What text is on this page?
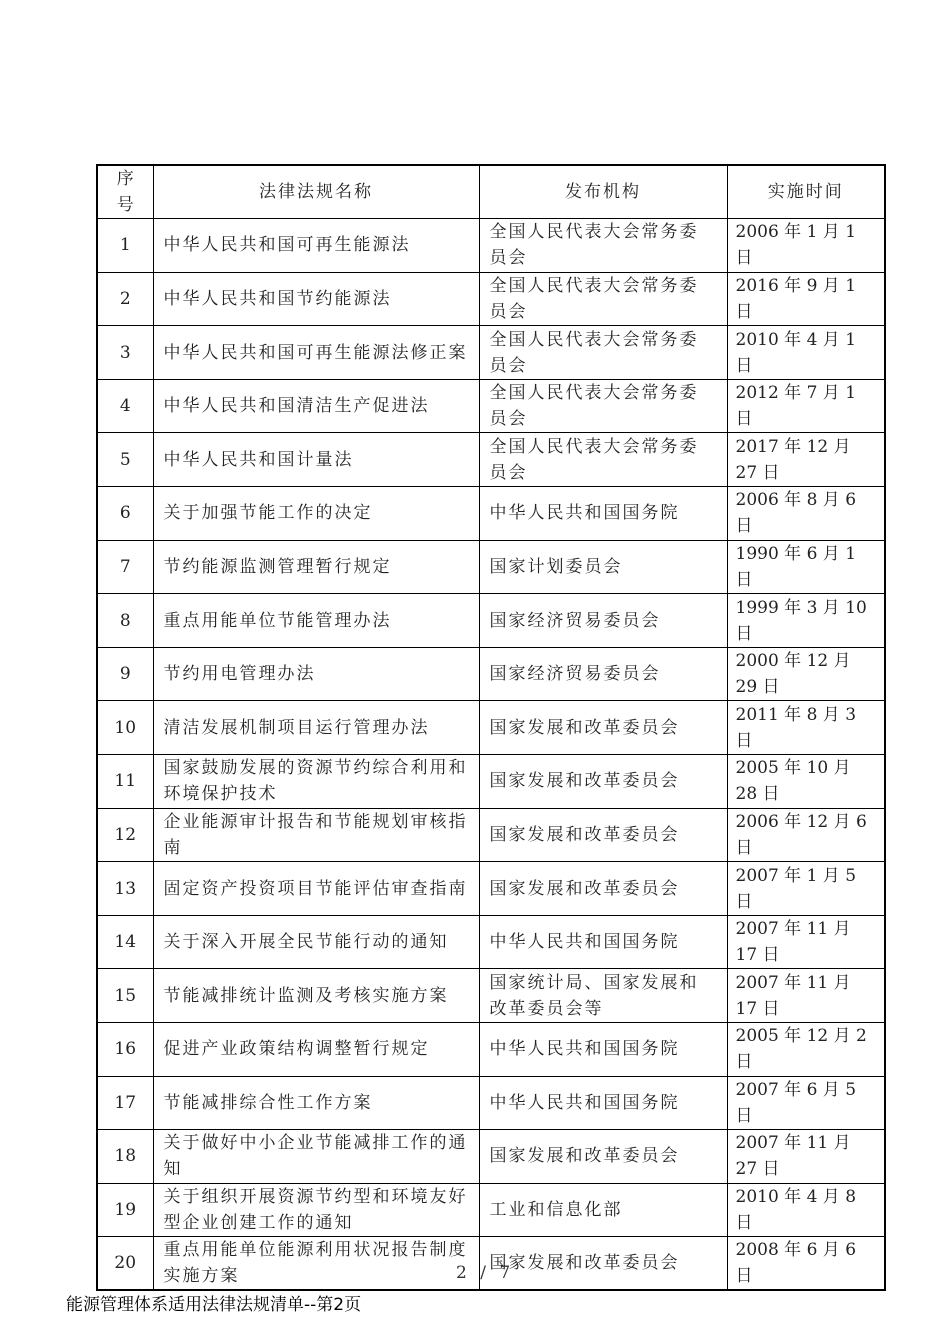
序号	法律法规名称	发布机构	实施时间
1	中华人民共和国可再生能源法	全国人民代表大会常务委员会	2006 年 1 月 1 日
2	中华人民共和国节约能源法	全国人民代表大会常务委员会	2016 年 9 月 1 日
3	中华人民共和国可再生能源法修正案	全国人民代表大会常务委员会	2010 年 4 月 1 日
4	中华人民共和国清洁生产促进法	全国人民代表大会常务委员会	2012 年 7 月 1 日
5	中华人民共和国计量法	全国人民代表大会常务委员会	2017 年 12 月 27 日
6	关于加强节能工作的决定	中华人民共和国国务院	2006 年 8 月 6 日
7	节约能源监测管理暂行规定	国家计划委员会	1990 年 6 月 1 日
8	重点用能单位节能管理办法	国家经济贸易委员会	1999 年 3 月 10 日
9	节约用电管理办法	国家经济贸易委员会	2000 年 12 月 29 日
10	清洁发展机制项目运行管理办法	国家发展和改革委员会	2011 年 8 月 3 日
11	国家鼓励发展的资源节约综合利用和环境保护技术	国家发展和改革委员会	2005 年 10 月 28 日
12	企业能源审计报告和节能规划审核指南	国家发展和改革委员会	2006 年 12 月 6 日
13	固定资产投资项目节能评估审查指南	国家发展和改革委员会	2007 年 1 月 5 日
14	关于深入开展全民节能行动的通知	中华人民共和国国务院	2007 年 11 月 17 日
15	节能减排统计监测及考核实施方案	国家统计局、国家发展和改革委员会等	2007 年 11 月 17 日
16	促进产业政策结构调整暂行规定	中华人民共和国国务院	2005 年 12 月 2 日
17	节能减排综合性工作方案	中华人民共和国国务院	2007 年 6 月 5 日
18	关于做好中小企业节能减排工作的通知	国家发展和改革委员会	2007 年 11 月 27 日
19	关于组织开展资源节约型和环境友好型企业创建工作的通知	工业和信息化部	2010 年 4 月 8 日
20	重点用能单位能源利用状况报告制度实施方案	国家发展和改革委员会	2008 年 6 月 6 日
2 / 7
能源管理体系适用法律法规清单--第2页
